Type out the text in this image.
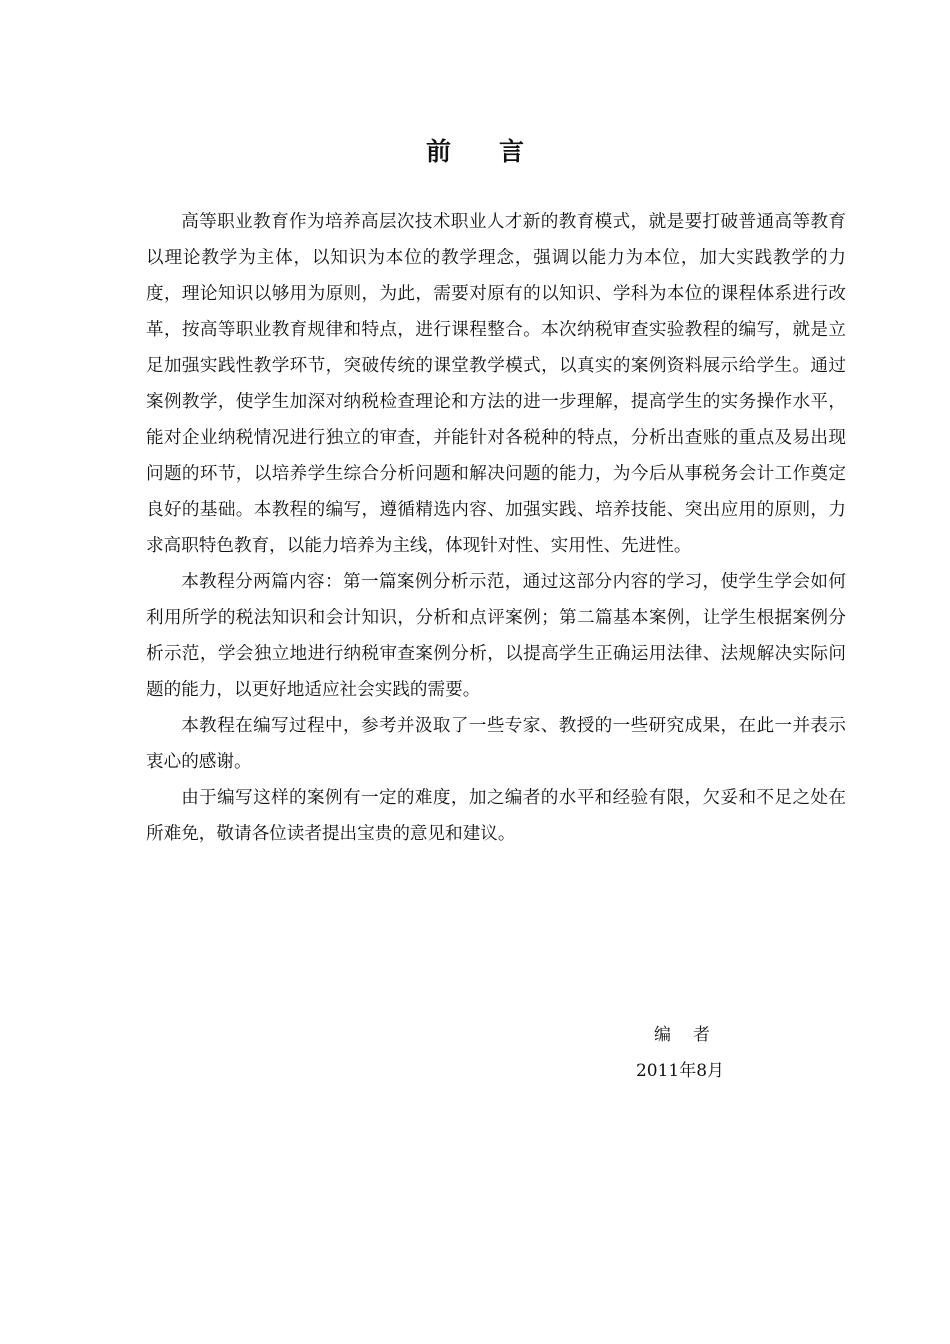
前言

高等职业教育作为培养高层次技术职业人才新的教育模式，就是要打破普通高等教育以理论教学为主体，以知识为本位的教学理念，强调以能力为本位，加大实践教学的力度，理论知识以够用为原则，为此，需要对原有的以知识、学科为本位的课程体系进行改革，按高等职业教育规律和特点，进行课程整合。本次纳税审查实验教程的编写，就是立足加强实践性教学环节，突破传统的课堂教学模式，以真实的案例资料展示给学生。通过案例教学，使学生加深对纳税检查理论和方法的进一步理解，提高学生的实务操作水平，能对企业纳税情况进行独立的审查，并能针对各税种的特点，分析出查账的重点及易出现问题的环节，以培养学生综合分析问题和解决问题的能力，为今后从事税务会计工作奠定良好的基础。本教程的编写，遵循精选内容、加强实践、培养技能、突出应用的原则，力求高职特色教育，以能力培养为主线，体现针对性、实用性、先进性。

本教程分两篇内容：第一篇案例分析示范，通过这部分内容的学习，使学生学会如何利用所学的税法知识和会计知识，分析和点评案例；第二篇基本案例，让学生根据案例分析示范，学会独立地进行纳税审查案例分析，以提高学生正确运用法律、法规解决实际问题的能力，以更好地适应社会实践的需要。

本教程在编写过程中，参考并汲取了一些专家、教授的一些研究成果，在此一并表示衷心的感谢。

由于编写这样的案例有一定的难度，加之编者的水平和经验有限，欠妥和不足之处在所难免，敬请各位读者提出宝贵的意见和建议。

编者
2011年8月
